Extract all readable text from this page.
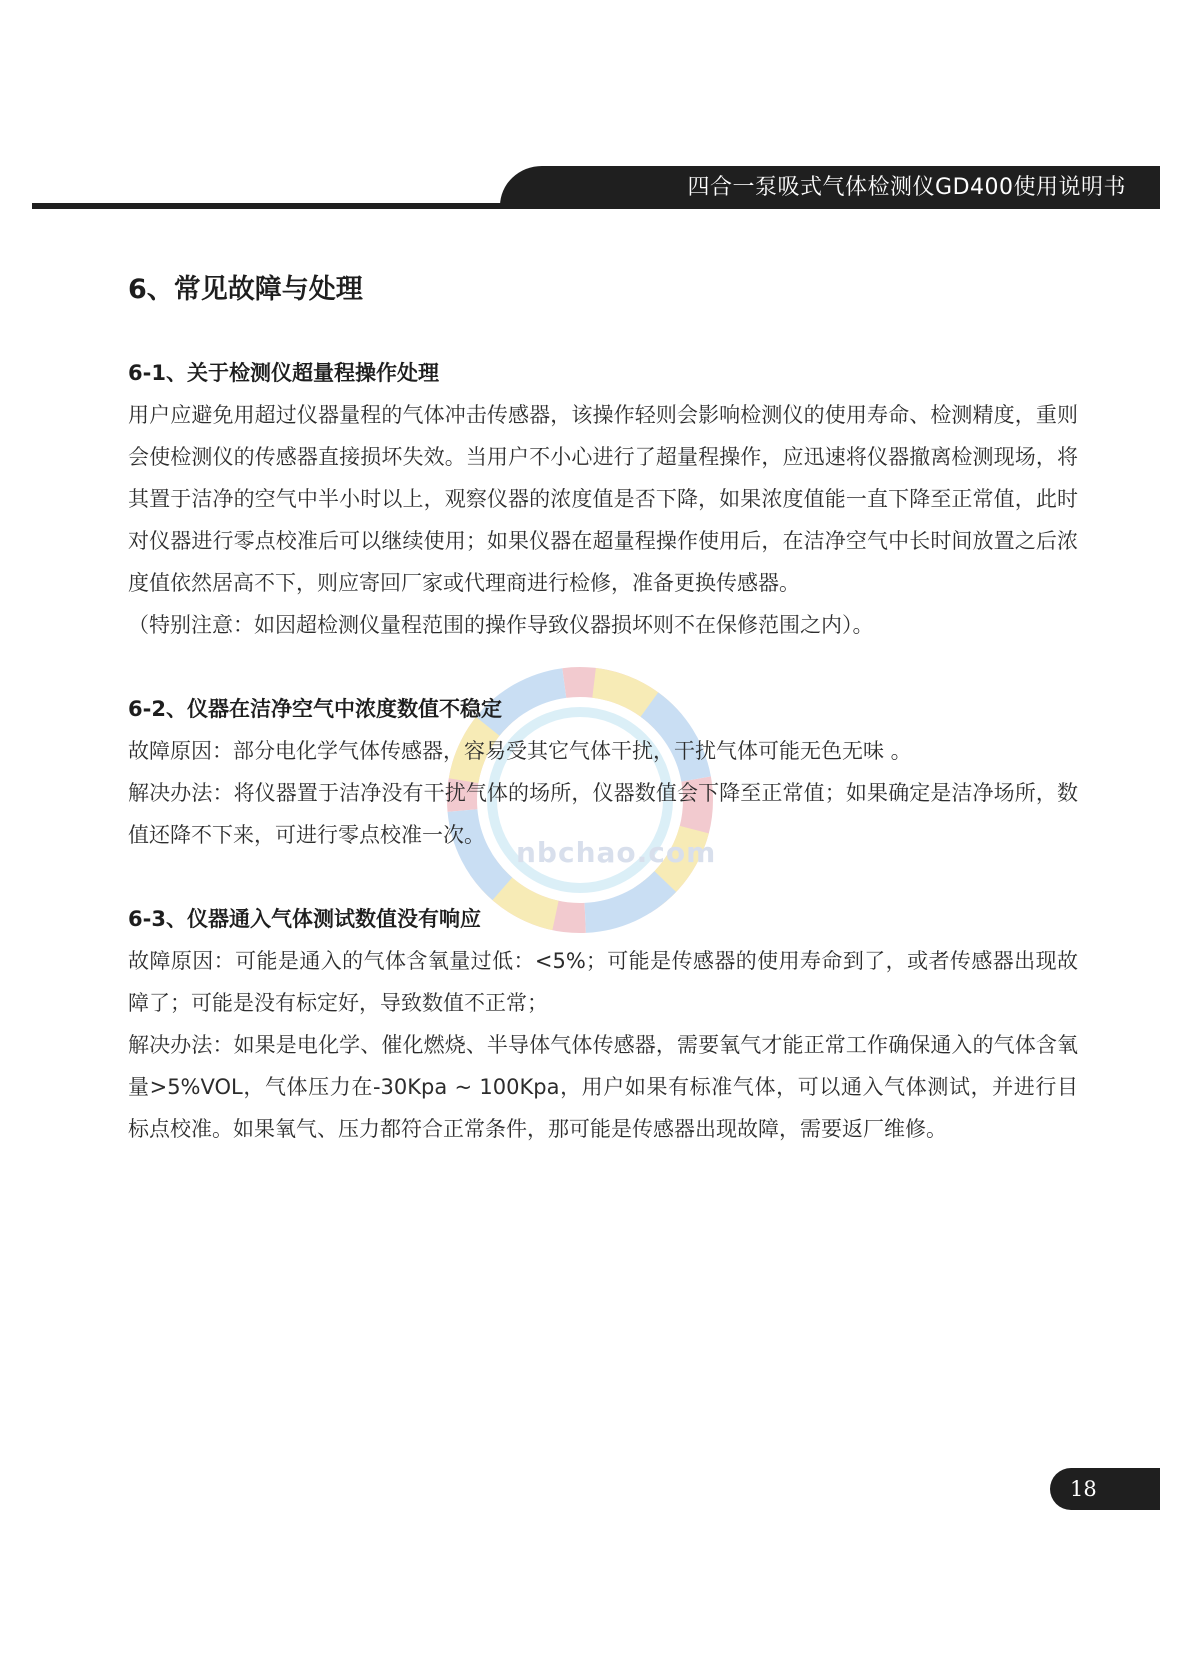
四合一泵吸式气体检测仪GD400使用说明书
nbchao.com
6、常见故障与处理
6-1、关于检测仪超量程操作处理

用户应避免用超过仪器量程的气体冲击传感器，该操作轻则会影响检测仪的使用寿命、检测精度，重则会使检测仪的传感器直接损坏失效。当用户不小心进行了超量程操作，应迅速将仪器撤离检测现场，将其置于洁净的空气中半小时以上，观察仪器的浓度值是否下降，如果浓度值能一直下降至正常值，此时对仪器进行零点校准后可以继续使用；如果仪器在超量程操作使用后，在洁净空气中长时间放置之后浓度值依然居高不下，则应寄回厂家或代理商进行检修，准备更换传感器。

（特别注意：如因超检测仪量程范围的操作导致仪器损坏则不在保修范围之内）。

6-2、仪器在洁净空气中浓度数值不稳定

故障原因：部分电化学气体传感器，容易受其它气体干扰，干扰气体可能无色无味 。

解决办法：将仪器置于洁净没有干扰气体的场所，仪器数值会下降至正常值；如果确定是洁净场所，数值还降不下来，可进行零点校准一次。

6-3、仪器通入气体测试数值没有响应

故障原因：可能是通入的气体含氧量过低：<5%；可能是传感器的使用寿命到了，或者传感器出现故障了；可能是没有标定好，导致数值不正常；

解决办法：如果是电化学、催化燃烧、半导体气体传感器，需要氧气才能正常工作确保通入的气体含氧量>5%VOL，气体压力在-30Kpa ~ 100Kpa，用户如果有标准气体，可以通入气体测试，并进行目标点校准。如果氧气、压力都符合正常条件，那可能是传感器出现故障，需要返厂维修。

18
